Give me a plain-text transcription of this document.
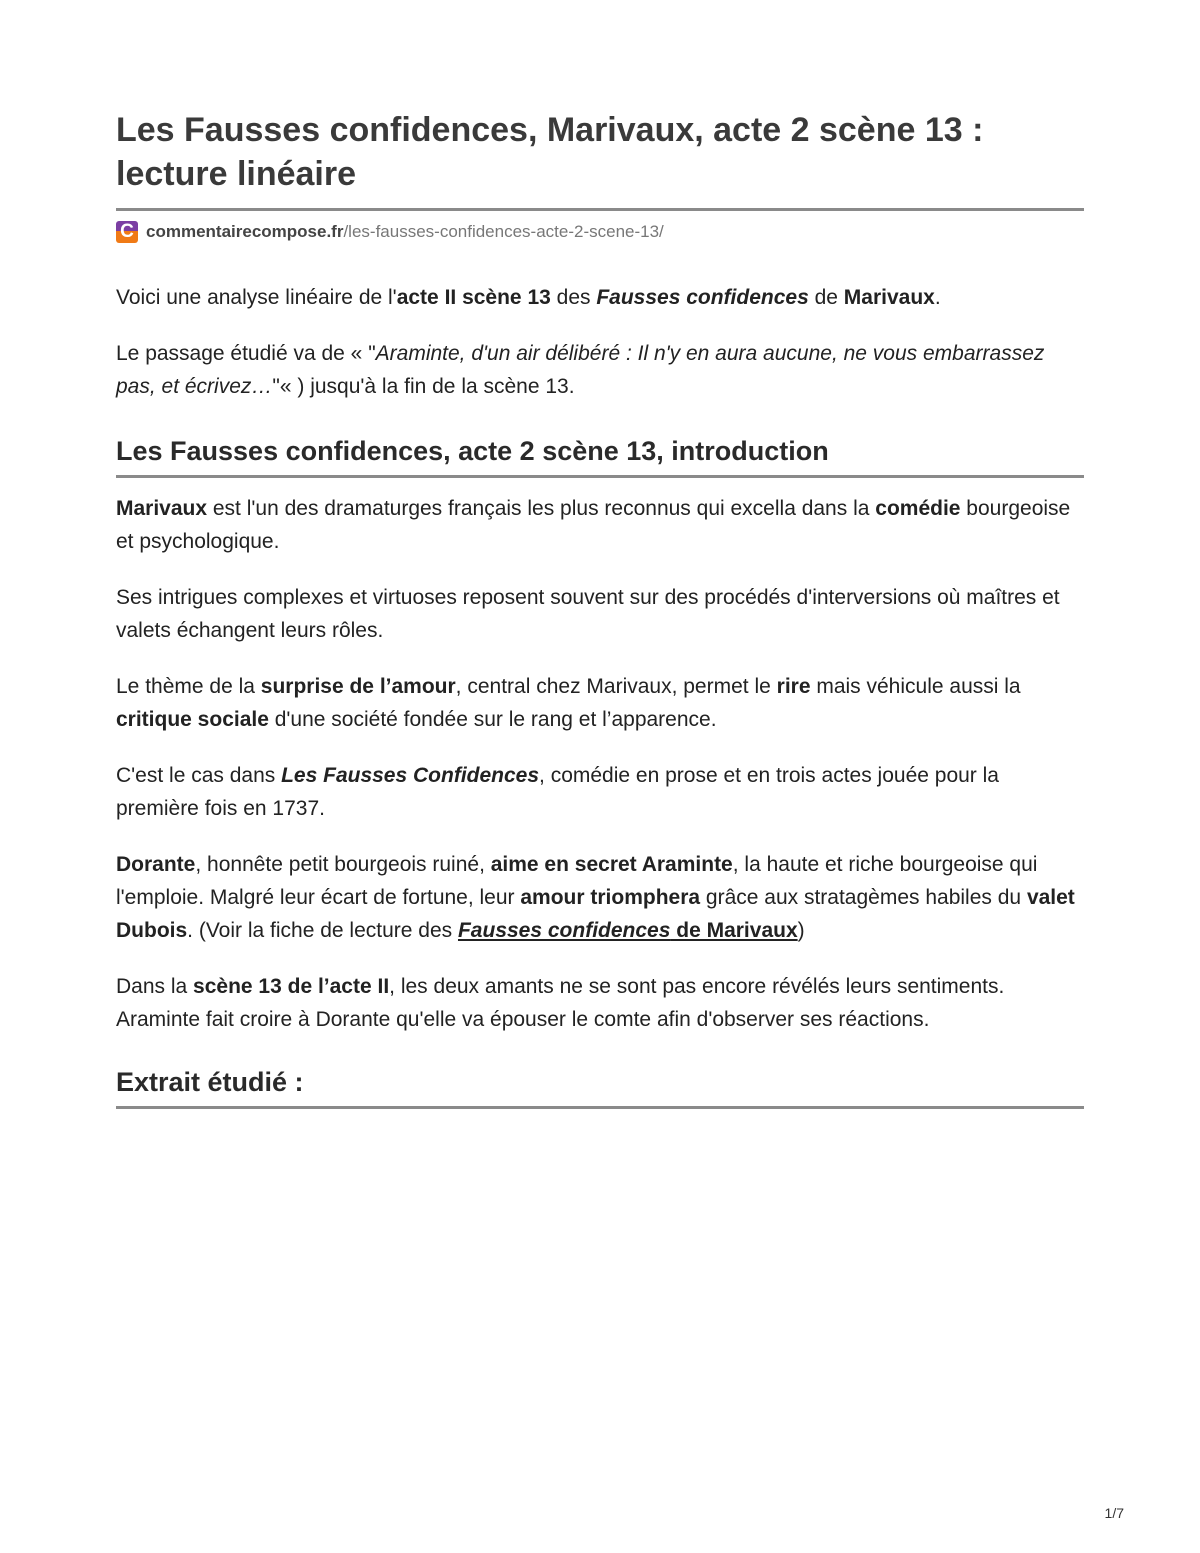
Les Fausses confidences, Marivaux, acte 2 scène 13 : lecture linéaire
C commentairecompose.fr/les-fausses-confidences-acte-2-scene-13/

Voici une analyse linéaire de l'acte II scène 13 des Fausses confidences de Marivaux.

Le passage étudié va de « "Araminte, d'un air délibéré : Il n'y en aura aucune, ne vous embarrassez pas, et écrivez…"« ) jusqu'à la fin de la scène 13.

Les Fausses confidences, acte 2 scène 13, introduction

Marivaux est l'un des dramaturges français les plus reconnus qui excella dans la comédie bourgeoise et psychologique.

Ses intrigues complexes et virtuoses reposent souvent sur des procédés d'interversions où maîtres et valets échangent leurs rôles.

Le thème de la surprise de l’amour, central chez Marivaux, permet le rire mais véhicule aussi la critique sociale d'une société fondée sur le rang et l’apparence.

C'est le cas dans Les Fausses Confidences, comédie en prose et en trois actes jouée pour la première fois en 1737.

Dorante, honnête petit bourgeois ruiné, aime en secret Araminte, la haute et riche bourgeoise qui l'emploie. Malgré leur écart de fortune, leur amour triomphera grâce aux stratagèmes habiles du valet Dubois. (Voir la fiche de lecture des Fausses confidences de Marivaux)

Dans la scène 13 de l’acte II, les deux amants ne se sont pas encore révélés leurs sentiments. Araminte fait croire à Dorante qu'elle va épouser le comte afin d'observer ses réactions.

Extrait étudié :
1/7
